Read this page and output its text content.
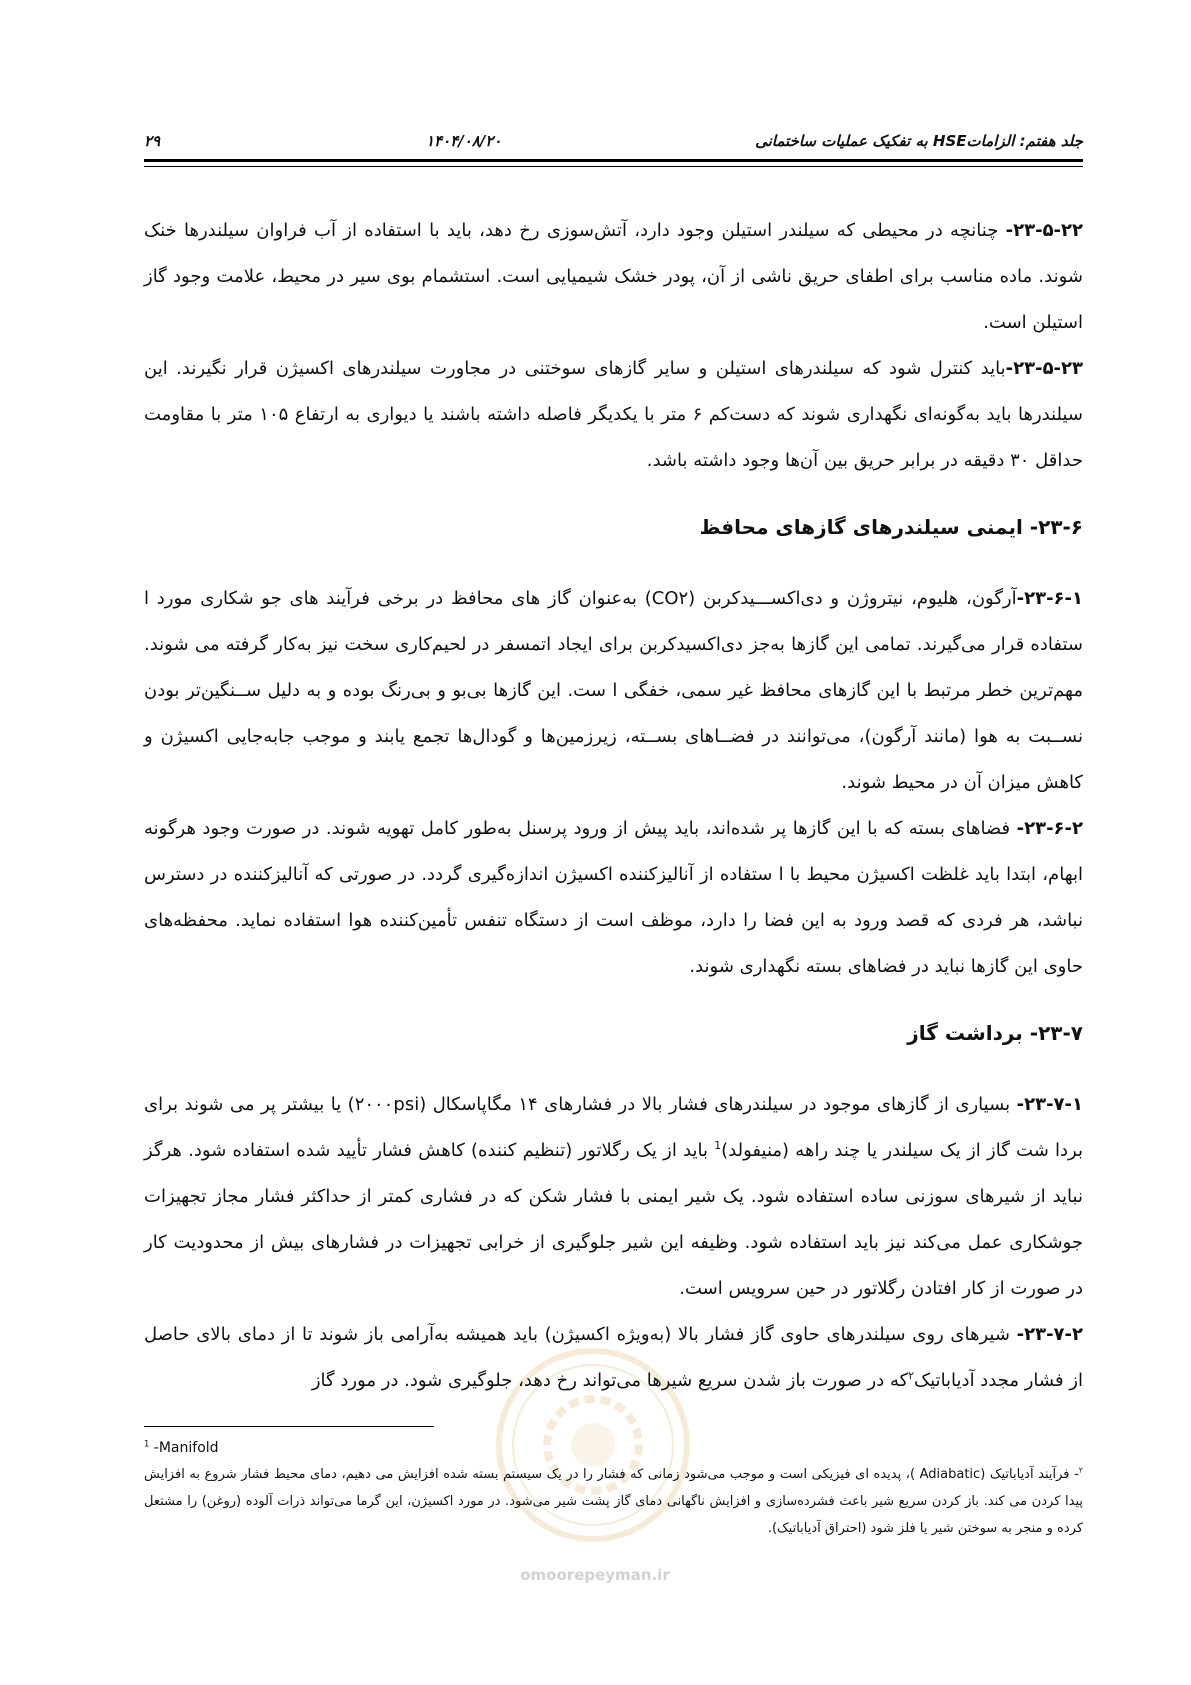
جلد هفتم: الزاماتHSE به تفکیک عملیات ساختمانی
۱۴۰۴/۰۸/۲۰
۲۹
omoorepeyman.ir

۲۳-۵-۲۲- چنانچه در محیطی که سیلندر استیلن وجود دارد، آتش‌سوزی رخ دهد، باید با استفاده از آب فراوان سیلندرها خنک شوند. ماده مناسب برای اطفای حریق ناشی از آن، پودر خشک شیمیایی است. استشمام بوی سیر در محیط، علامت وجود گاز استیلن است.

۲۳-۵-۲۳-باید کنترل شود که سیلندرهای استیلن و سایر گازهای سوختنی در مجاورت سیلندرهای اکسیژن قرار نگیرند. این سیلندرها باید به‌گونه‌ای نگهداری شوند که دست‌کم ۶ متر با یکدیگر فاصله داشته باشند یا دیواری به ارتفاع ۱۰۵ متر با مقاومت حداقل ۳۰ دقیقه در برابر حریق بین آن‌ها وجود داشته باشد.

۲۳-۶- ایمنی سیلندرهای گازهای محافظ

۲۳-۶-۱-آرگون، هلیوم، نیتروژن و دی‌اکســـیدکربن (CO۲) به‌عنوان گاز های محافظ در برخی فرآیند های جو شکاری مورد ا ستفاده قرار می‌گیرند. تمامی این گازها به‌جز دی‌اکسیدکربن برای ایجاد اتمسفر در لحیم‌کاری سخت نیز به‌کار گرفته می شوند. مهم‌ترین خطر مرتبط با این گازهای محافظ غیر سمی، خفگی ا ست. این گازها بی‌بو و بی‌رنگ بوده و به دلیل ســنگین‌تر بودن نســبت به هوا (مانند آرگون)، می‌توانند در فضــاهای بســته، زیرزمین‌ها و گودال‌ها تجمع یابند و موجب جابه‌جایی اکسیژن و کاهش میزان آن در محیط شوند.

۲۳-۶-۲- فضاهای بسته که با این گازها پر شده‌اند، باید پیش از ورود پرسنل به‌طور کامل تهویه شوند. در صورت وجود هرگونه ابهام، ابتدا باید غلظت اکسیژن محیط با ا ستفاده از آنالیزکننده اکسیژن اندازه‌گیری گردد. در صورتی که آنالیزکننده در دسترس نباشد، هر فردی که قصد ورود به این فضا را دارد، موظف است از دستگاه تنفس تأمین‌کننده هوا استفاده نماید. محفظه‌های حاوی این گازها نباید در فضاهای بسته نگهداری شوند.

۲۳-۷- برداشت گاز

۲۳-۷-۱- بسیاری از گازهای موجود در سیلندرهای فشار بالا در فشارهای ۱۴ مگاپاسکال (۲۰۰۰psi) یا بیشتر پر می شوند برای بردا شت گاز از یک سیلندر یا چند راهه (منیفولد)$^1$ باید از یک رگلاتور (تنظیم کننده) کاهش فشار تأیید شده استفاده شود. هرگز نباید از شیرهای سوزنی ساده استفاده شود. یک شیر ایمنی با فشار شکن که در فشاری کمتر از حداکثر فشار مجاز تجهیزات جوشکاری عمل می‌کند نیز باید استفاده شود. وظیفه این شیر جلوگیری از خرابی تجهیزات در فشارهای بیش از محدودیت کار در صورت از کار افتادن رگلاتور در حین سرویس است.

۲۳-۷-۲- شیرهای روی سیلندرهای حاوی گاز فشار بالا (به‌ویژه اکسیژن) باید همیشه به‌آرامی باز شوند تا از دمای بالای حاصل از فشار مجدد آدیاباتیک$^۲$که در صورت باز شدن سریع شیرها می‌تواند رخ دهد، جلوگیری شود. در مورد گاز

$^1$ -Manifold

$^۲$- فرآیند آدیاباتیک (Adiabatic )، پدیده ای فیزیکی است و موجب می‌شود زمانی که فشار را در یک سیستم بسته شده افزایش می دهیم، دمای محیط فشار شروع به افزایش پیدا کردن می کند. باز کردن سریع شیر باعث فشرده‌سازی و افزایش ناگهانی دمای گاز پشت شیر می‌شود. در مورد اکسیژن، این گرما می‌تواند ذرات آلوده (روغن) را مشتعل کرده و منجر به سوختن شیر یا فلز شود (احتراق آدیاباتیک).
